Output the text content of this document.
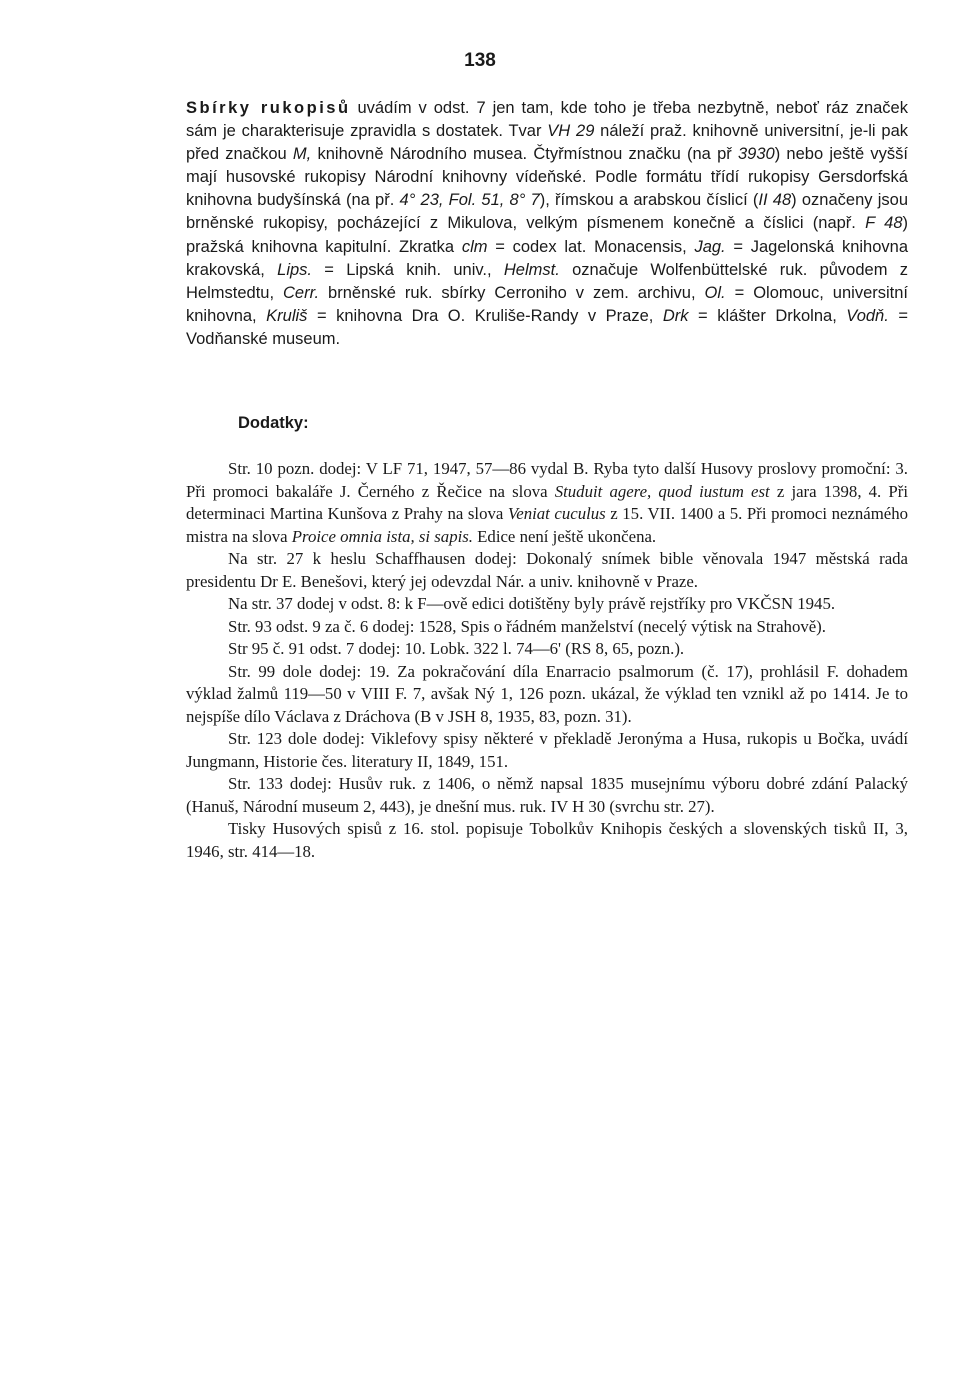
138
Sbírky rukopisů uvádím v odst. 7 jen tam, kde toho je třeba nezbytně, neboť ráz značek sám je charakterisuje zpravidla s dostatek. Tvar VH 29 náleží praž. knihovně universitní, je-li pak před značkou M, knihovně Národního musea. Čtyřmístnou značku (na př 3930) nebo ještě vyšší mají husovské rukopisy Národní knihovny vídeňské. Podle formátu třídí rukopisy Gersdorfská knihovna budyšínská (na př. 4° 23, Fol. 51, 8° 7), římskou a arabskou číslicí (II 48) označeny jsou brněnské rukopisy, pocházející z Mikulova, velkým písmenem konečně a číslici (např. F 48) pražská knihovna kapitulní. Zkratka clm = codex lat. Monacensis, Jag. = Jagelonská knihovna krakovská, Lips. = Lipská knih. univ., Helmst. označuje Wolfenbüttelské ruk. původem z Helmstedtu, Cerr. brněnské ruk. sbírky Cerroniho v zem. archivu, Ol. = Olomouc, universitní knihovna, Kruliš = knihovna Dra O. Kruliše-Randy v Praze, Drk = klášter Drkolna, Vodň. = Vodňanské museum.
Dodatky:

Str. 10 pozn. dodej: V LF 71, 1947, 57—86 vydal B. Ryba tyto další Husovy proslovy promoční: 3. Při promoci bakaláře J. Černého z Řečice na slova Studuit agere, quod iustum est z jara 1398, 4. Při determinaci Martina Kunšova z Prahy na slova Veniat cuculus z 15. VII. 1400 a 5. Při promoci neznámého mistra na slova Proice omnia ista, si sapis. Edice není ještě ukončena.

Na str. 27 k heslu Schaffhausen dodej: Dokonalý snímek bible věnovala 1947 městská rada presidentu Dr E. Benešovi, který jej odevzdal Nár. a univ. knihovně v Praze.

Na str. 37 dodej v odst. 8: k F—ově edici dotištěny byly právě rejstříky pro VKČSN 1945.

Str. 93 odst. 9 za č. 6 dodej: 1528, Spis o řádném manželství (necelý výtisk na Strahově).

Str 95 č. 91 odst. 7 dodej: 10. Lobk. 322 l. 74—6' (RS 8, 65, pozn.).

Str. 99 dole dodej: 19. Za pokračování díla Enarracio psalmorum (č. 17), prohlásil F. dohadem výklad žalmů 119—50 v VIII F. 7, avšak Ný 1, 126 pozn. ukázal, že výklad ten vznikl až po 1414. Je to nejspíše dílo Václava z Dráchova (B v JSH 8, 1935, 83, pozn. 31).

Str. 123 dole dodej: Viklefovy spisy některé v překladě Jeronýma a Husa, rukopis u Bočka, uvádí Jungmann, Historie čes. literatury II, 1849, 151.

Str. 133 dodej: Husův ruk. z 1406, o němž napsal 1835 musejnímu výboru dobré zdání Palacký (Hanuš, Národní museum 2, 443), je dnešní mus. ruk. IV H 30 (svrchu str. 27).

Tisky Husových spisů z 16. stol. popisuje Tobolkův Knihopis českých a slovenských tisků II, 3, 1946, str. 414—18.
